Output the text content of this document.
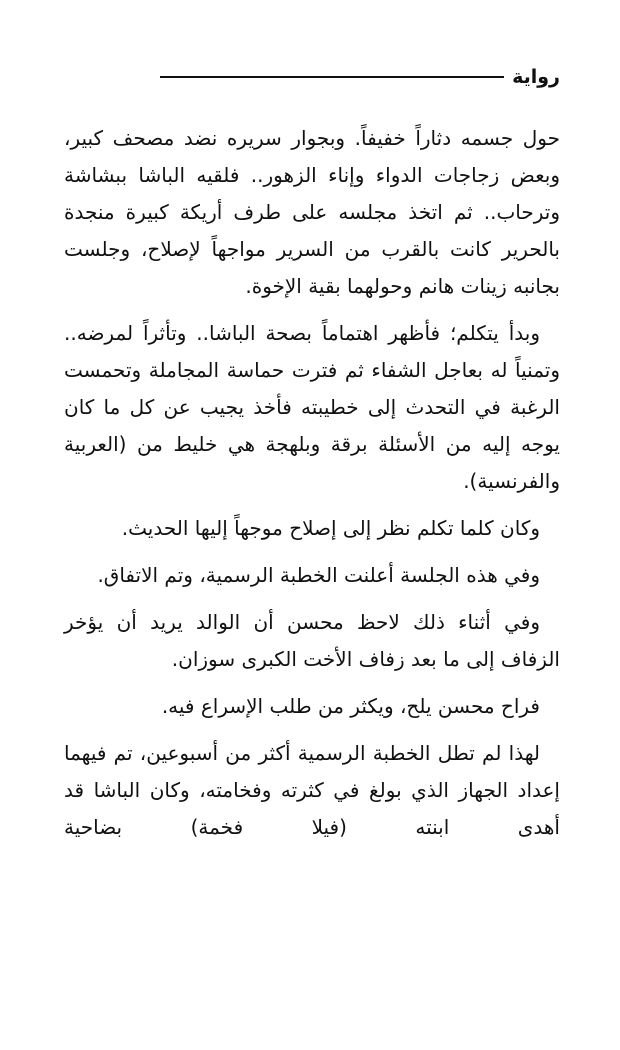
رواية

حول جسمه دثاراً خفيفاً. وبجوار سريره نضد مصحف كبير، وبعض زجاجات الدواء وإناء الزهور.. فلقيه الباشا ببشاشة وترحاب.. ثم اتخذ مجلسه على طرف أريكة كبيرة منجدة بالحرير كانت بالقرب من السرير مواجهاً لإصلاح، وجلست بجانبه زينات هانم وحولهما بقية الإخوة.

وبدأ يتكلم؛ فأظهر اهتماماً بصحة الباشا.. وتأثراً لمرضه.. وتمنياً له بعاجل الشفاء ثم فترت حماسة المجاملة وتحمست الرغبة في التحدث إلى خطيبته فأخذ يجيب عن كل ما كان يوجه إليه من الأسئلة برقة وبلهجة هي خليط من (العربية والفرنسية).

وكان كلما تكلم نظر إلى إصلاح موجهاً إليها الحديث.

وفي هذه الجلسة أعلنت الخطبة الرسمية، وتم الاتفاق.

وفي أثناء ذلك لاحظ محسن أن الوالد يريد أن يؤخر الزفاف إلى ما بعد زفاف الأخت الكبرى سوزان.

فراح محسن يلح، ويكثر من طلب الإسراع فيه.

لهذا لم تطل الخطبة الرسمية أكثر من أسبوعين، تم فيهما إعداد الجهاز الذي بولغ في كثرته وفخامته، وكان الباشا قد أهدى ابنته (فيلا فخمة) بضاحية
